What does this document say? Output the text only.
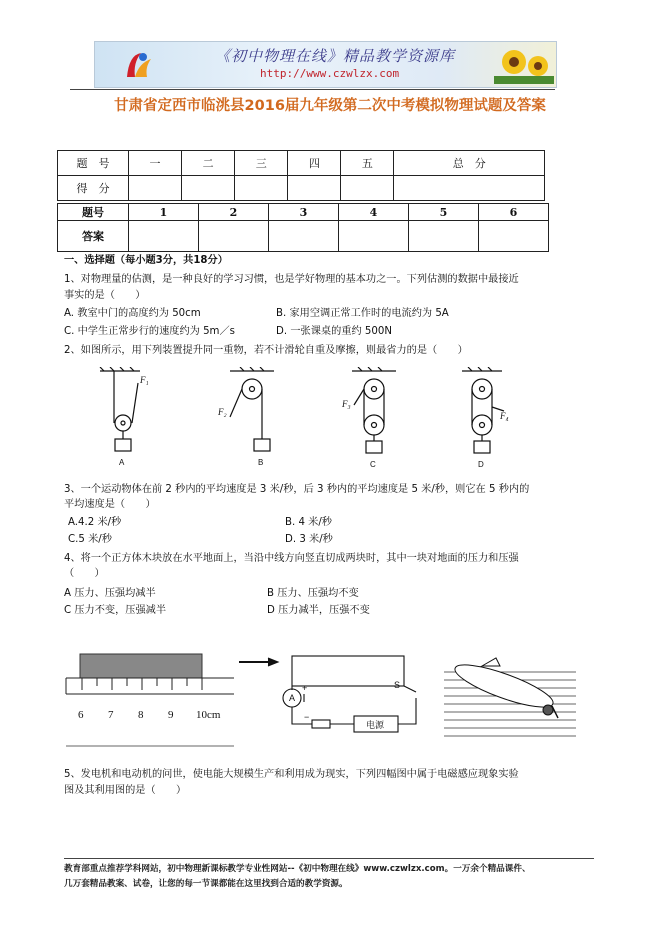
《初中物理在线》精品教学资源库
http://www.czwlzx.com
甘肃省定西市临洮县2016届九年级第二次中考模拟物理试题及答案
题　号	一	二	三	四	五	总　分
得　分						
题号	1	2	3	4	5	6
答案						
一、选择题（每小题3分，共18分）
1、对物理量的估测，是一种良好的学习习惯，也是学好物理的基本功之一。下列估测的数据中最接近
事实的是（　　）
A. 教室中门的高度约为 50cm	B. 家用空调正常工作时的电流约为 5A
C. 中学生正常步行的速度约为 5m／s	D. 一张课桌的重约 500N
2、如图所示，用下列装置提升同一重物，若不计滑轮自重及摩擦，则最省力的是（　　）
F₁
F₂
F₃
F₄
A	B	C	D
3、一个运动物体在前 2 秒内的平均速度是 3 米/秒，后 3 秒内的平均速度是 5 米/秒，则它在 5 秒内的
平均速度是（　　）
A.4.2 米/秒	B. 4 米/秒
C.5 米/秒	D. 3 米/秒
4、将一个正方体木块放在水平地面上，当沿中线方向竖直切成两块时，其中一块对地面的压力和压强
（　　）
A 压力、压强均减半	B 压力、压强均不变
C 压力不变，压强减半	D 压力减半，压强不变
6 7 8 9 10cm
A
电源
S
+
−
5、发电机和电动机的问世，使电能大规模生产和利用成为现实，下列四幅图中属于电磁感应现象实验
图及其利用图的是（　　）
教育部重点推荐学科网站，初中物理新课标教学专业性网站--《初中物理在线》www.czwlzx.com。一万余个精品课件、
几万套精品教案、试卷，让您的每一节课都能在这里找到合适的教学资源。
